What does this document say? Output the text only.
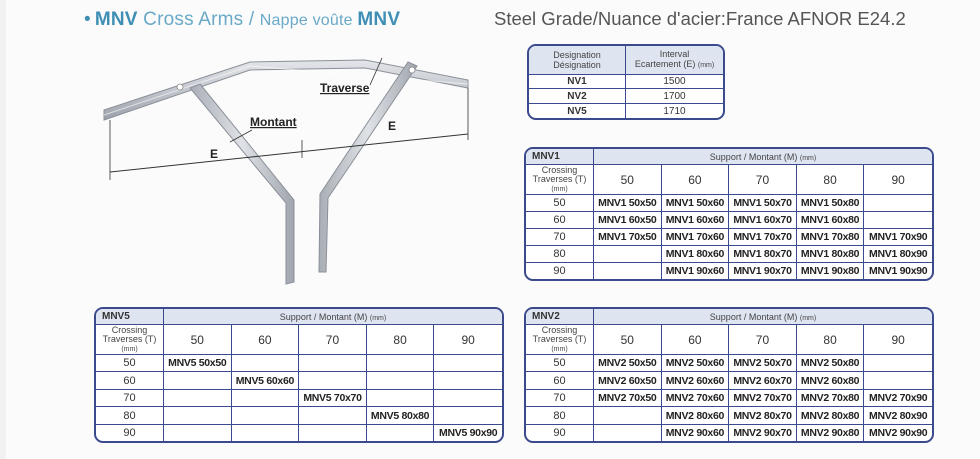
• MNV Cross Arms / Nappe voûte MNV	Steel Grade/Nuance d'acier:France AFNOR E24.2
Traverse
Montant
E
E
Designation
Désignation	Interval
Ecartement (E) (mm)
NV1	1500
NV2	1700
NV5	1710
MNV1	Support / Montant (M) (mm)				
Crossing
Traverses (T)
(mm)	50	60	70	80	90
50	MNV1 50x50	MNV1 50x60	MNV1 50x70	MNV1 50x80	
60	MNV1 60x50	MNV1 60x60	MNV1 60x70	MNV1 60x80	
70	MNV1 70x50	MNV1 70x60	MNV1 70x70	MNV1 70x80	MNV1 70x90
80		MNV1 80x60	MNV1 80x70	MNV1 80x80	MNV1 80x90
90		MNV1 90x60	MNV1 90x70	MNV1 90x80	MNV1 90x90
MNV5	Support / Montant (M) (mm)				
Crossing
Traverses (T)
(mm)	50	60	70	80	90
50	MNV5 50x50				
60		MNV5 60x60			
70			MNV5 70x70		
80				MNV5 80x80	
90					MNV5 90x90
MNV2	Support / Montant (M) (mm)				
Crossing
Traverses (T)
(mm)	50	60	70	80	90
50	MNV2 50x50	MNV2 50x60	MNV2 50x70	MNV2 50x80	
60	MNV2 60x50	MNV2 60x60	MNV2 60x70	MNV2 60x80	
70	MNV2 70x50	MNV2 70x60	MNV2 70x70	MNV2 70x80	MNV2 70x90
80		MNV2 80x60	MNV2 80x70	MNV2 80x80	MNV2 80x90
90		MNV2 90x60	MNV2 90x70	MNV2 90x80	MNV2 90x90
